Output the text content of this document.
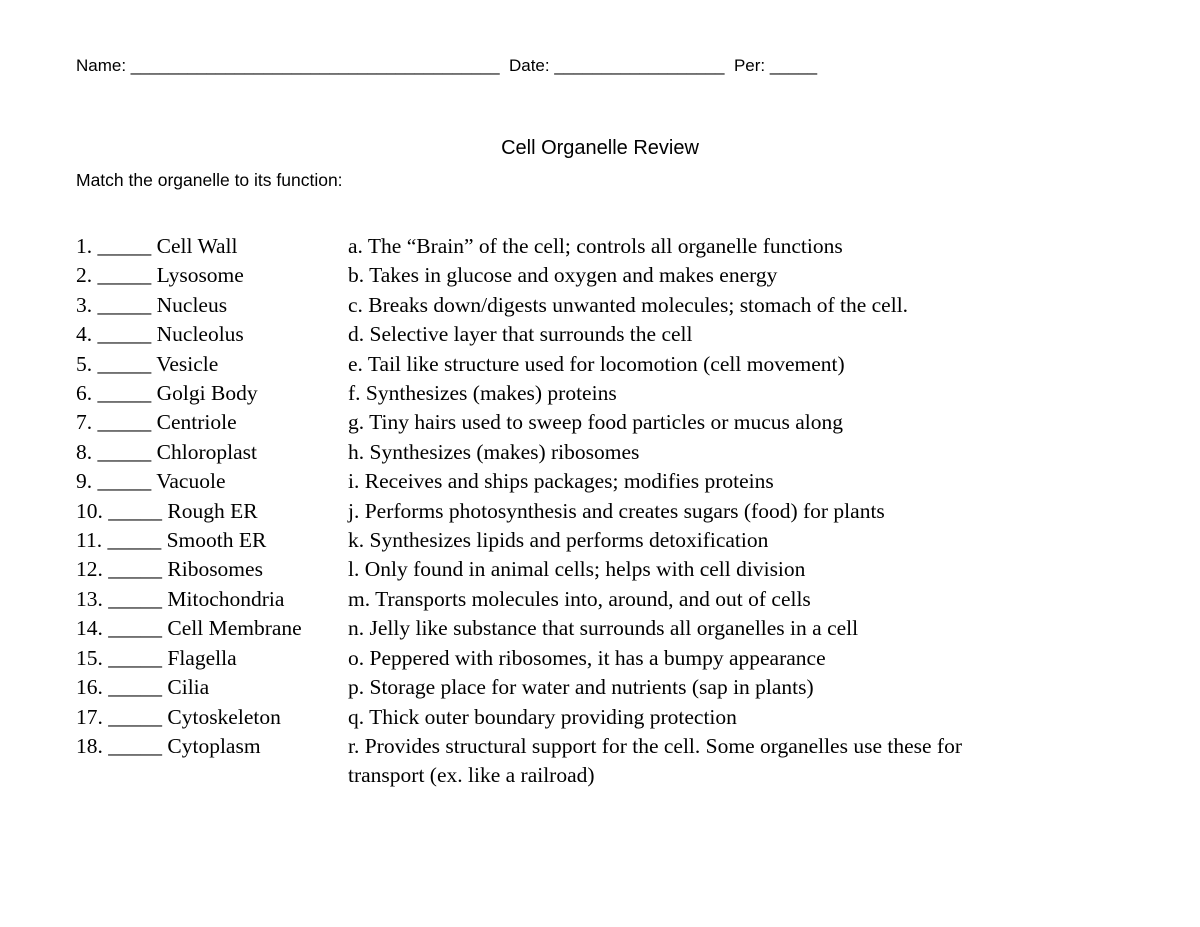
Name: _______________________________________  Date: __________________  Per: _____
Cell Organelle Review
Match the organelle to its function:
1. _____ Cell Wall	a. The “Brain” of the cell; controls all organelle functions
2. _____ Lysosome	b. Takes in glucose and oxygen and makes energy
3. _____ Nucleus	c. Breaks down/digests unwanted molecules; stomach of the cell.
4. _____ Nucleolus	d. Selective layer that surrounds the cell
5. _____ Vesicle	e. Tail like structure used for locomotion (cell movement)
6. _____ Golgi Body	f. Synthesizes (makes) proteins
7. _____ Centriole	g. Tiny hairs used to sweep food particles or mucus along
8. _____ Chloroplast	h. Synthesizes (makes) ribosomes
9. _____ Vacuole	i. Receives and ships packages; modifies proteins
10. _____ Rough ER	j. Performs photosynthesis and creates sugars (food) for plants
11. _____ Smooth ER	k. Synthesizes lipids and performs detoxification
12. _____ Ribosomes	l. Only found in animal cells; helps with cell division
13. _____ Mitochondria	m. Transports molecules into, around, and out of cells
14. _____ Cell Membrane	n. Jelly like substance that surrounds all organelles in a cell
15. _____ Flagella	o. Peppered with ribosomes, it has a bumpy appearance
16. _____ Cilia	p. Storage place for water and nutrients (sap in plants)
17. _____ Cytoskeleton	q. Thick outer boundary providing protection
18. _____ Cytoplasm	r. Provides structural support for the cell. Some organelles use these for
transport (ex. like a railroad)
